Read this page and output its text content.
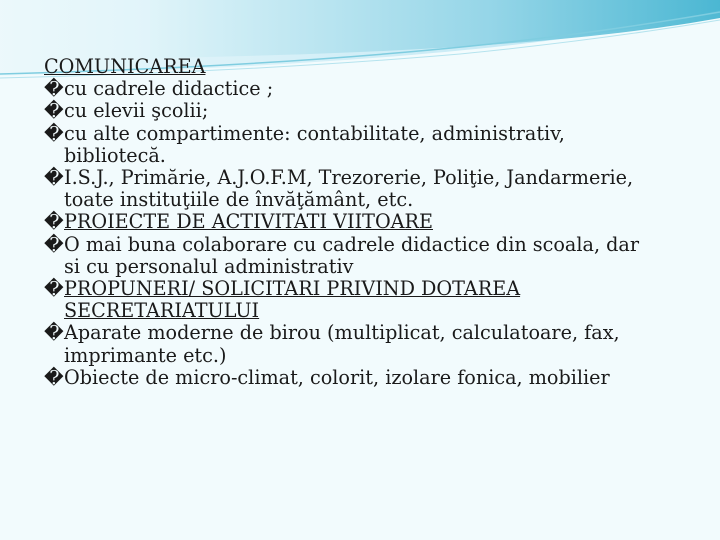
COMUNICAREA

� cu cadrele didactice ;
� cu elevii şcolii;
� cu alte compartimente: contabilitate, administrativ,
bibliotecă.
� I.S.J., Primărie, A.J.O.F.M, Trezorerie, Poliţie, Jandarmerie,
toate instituţiile de învăţământ, etc.
� PROIECTE DE ACTIVITATI VIITOARE
� O mai buna colaborare cu cadrele didactice din scoala, dar
si cu personalul administrativ
� PROPUNERI/ SOLICITARI PRIVIND DOTAREA
SECRETARIATULUI
� Aparate moderne de birou (multiplicat, calculatoare, fax,
imprimante etc.)
� Obiecte de micro-climat, colorit, izolare fonica, mobilier
